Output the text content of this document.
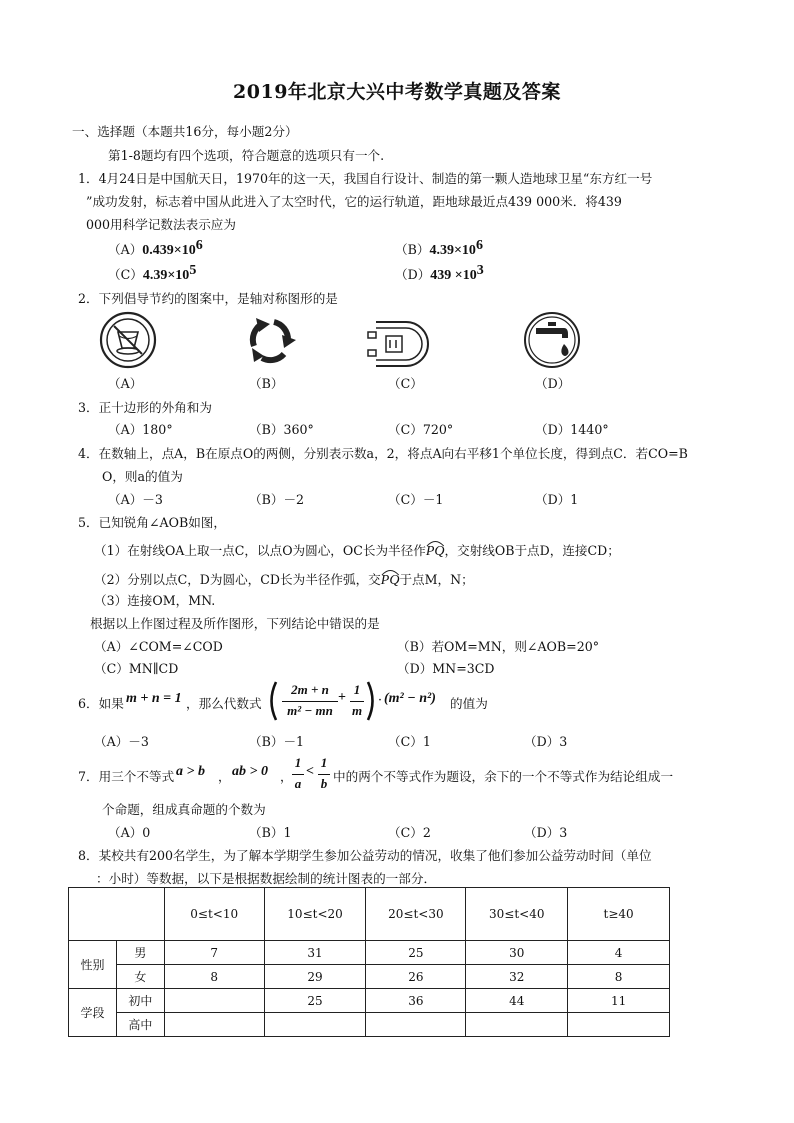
2019年北京大兴中考数学真题及答案
一、选择题（本题共16分，每小题2分）
第1-8题均有四个选项，符合题意的选项只有一个.
1．4月24日是中国航天日，1970年的这一天，我国自行设计、制造的第一颗人造地球卫星“东方红一号
”成功发射，标志着中国从此进入了太空时代，它的运行轨道，距地球最近点439 000米．将439
000用科学记数法表示应为
$(A)0.439\times 10^6$	$(B)4.39\times 10^6$
$(C)4.39\times 10^5$	$(D)439 \times 10^3$
2．下列倡导节约的图案中，是轴对称图形的是
（A）	（B）	（C）	（D）
3．正十边形的外角和为
（A）180°	（B）360°	（C）720°	（D）1440°
4．在数轴上，点A，B在原点O的两侧，分别表示数a，2，将点A向右平移1个单位长度，得到点C．若CO=B
O，则a的值为
（A）－3	（B）－2	（C）－1	（D）1
5．已知锐角∠AOB如图，
（1）在射线OA上取一点C，以点O为圆心，OC长为半径作
PQ，交射线OB于点D，连接CD；
（2）分别以点C，D为圆心，CD长为半径作弧，交
PQ于点M，N；
（3）连接OM，MN.
根据以上作图过程及所作图形，下列结论中错误的是
（A）∠COM=∠COD	（B）若OM=MN，则∠AOB=20°
（C）MN∥CD	（D）MN=3CD
6．如果 m + n = 1 ，那么代数式
2m + n
m² − mn
+
1
m
· (m² − n²) 的值为
（A）－3	（B）－1	（C）1	（D）3
7．用三个不等式 a > b ， ab > 0 ，
1
a
<
1
b 中的两个不等式作为题设，余下的一个不等式作为结论组成一
个命题，组成真命题的个数为
（A）0	（B）1	（C）2	（D）3
8．某校共有200名学生，为了解本学期学生参加公益劳动的情况，收集了他们参加公益劳动时间（单位
：小时）等数据，以下是根据数据绘制的统计图表的一部分．
		0≤t<10	10≤t<20	20≤t<30	30≤t<40	t≥40
性别	男	7	31	25	30	4
	女	8	29	26	32	8
学段	初中		25	36	44	11
	高中					
